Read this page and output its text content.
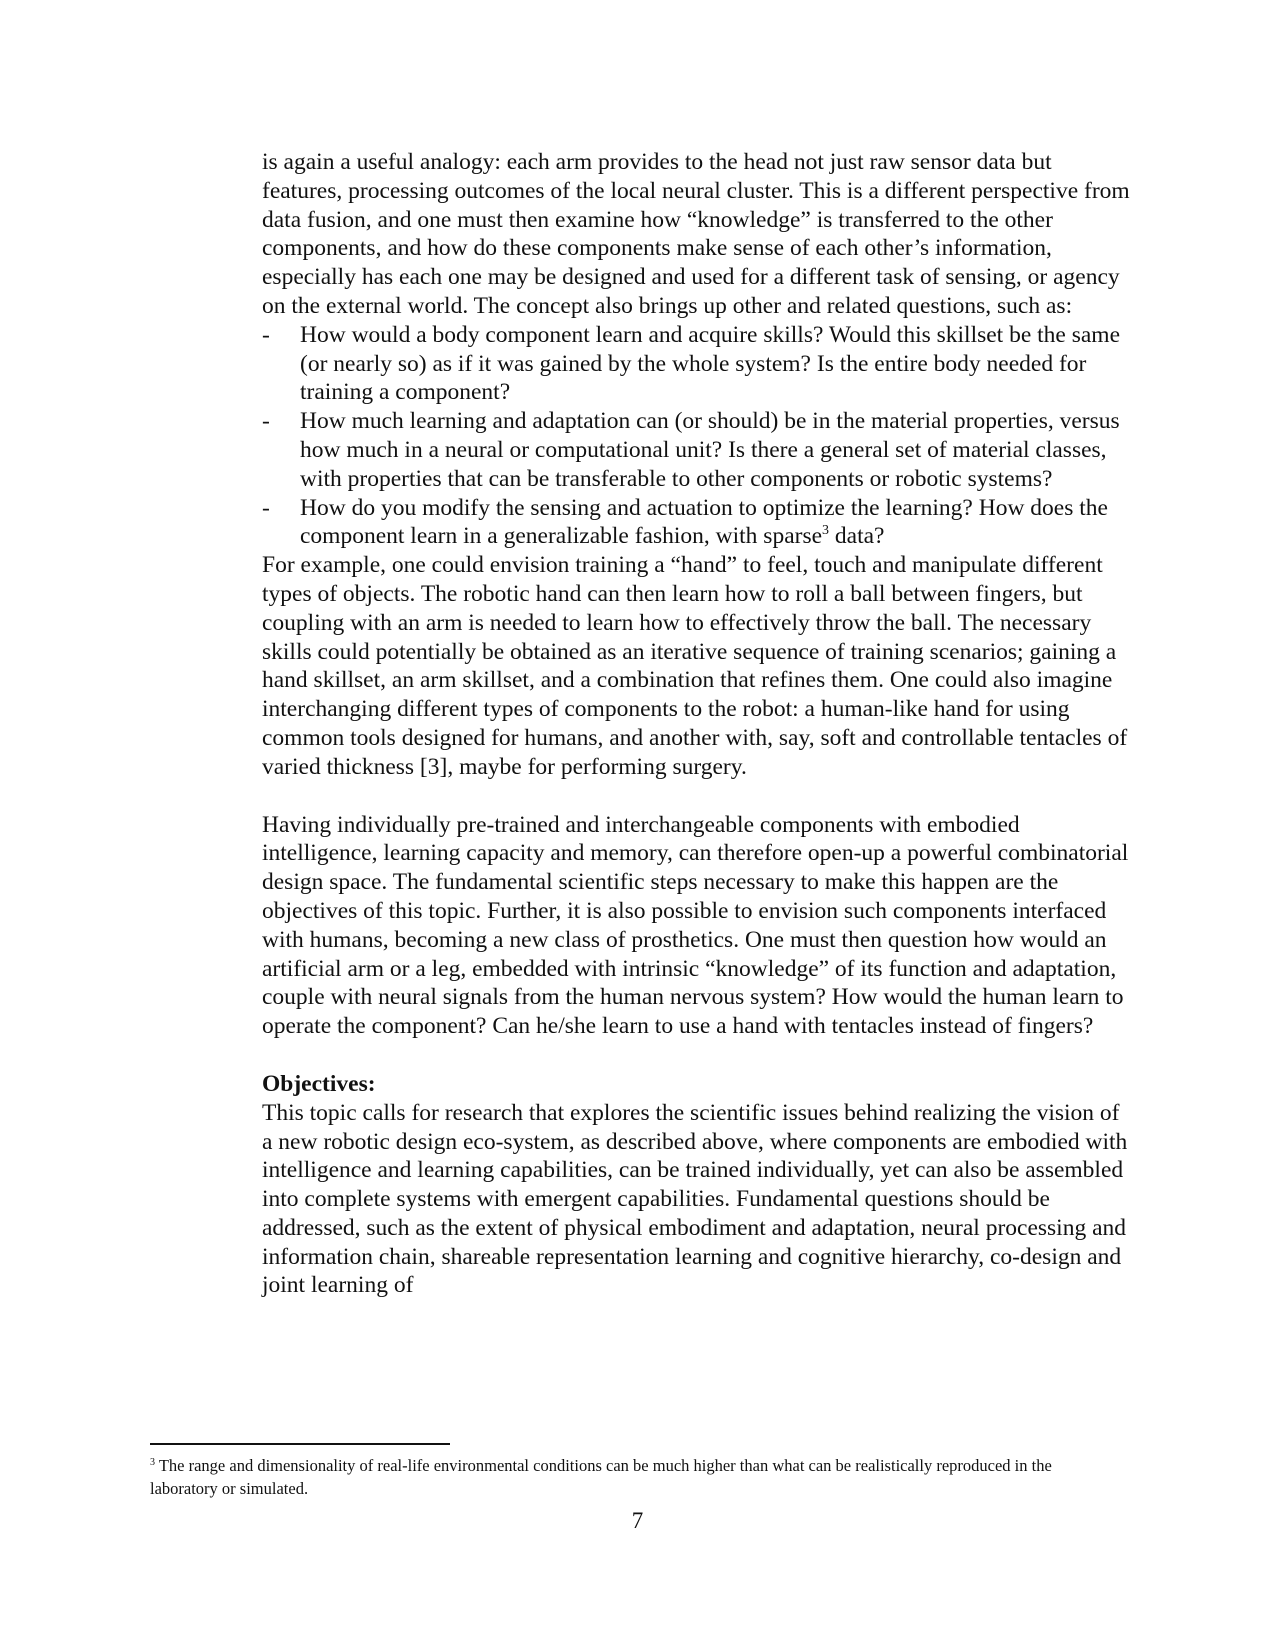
is again a useful analogy: each arm provides to the head not just raw sensor data but features, processing outcomes of the local neural cluster. This is a different perspective from data fusion, and one must then examine how “knowledge” is transferred to the other components, and how do these components make sense of each other’s information, especially has each one may be designed and used for a different task of sensing, or agency on the external world. The concept also brings up other and related questions, such as:

- How would a body component learn and acquire skills? Would this skillset be the same (or nearly so) as if it was gained by the whole system? Is the entire body needed for training a component?
- How much learning and adaptation can (or should) be in the material properties, versus how much in a neural or computational unit? Is there a general set of material classes, with properties that can be transferable to other components or robotic systems?
- How do you modify the sensing and actuation to optimize the learning? How does the component learn in a generalizable fashion, with sparse$^3$ data?

For example, one could envision training a “hand” to feel, touch and manipulate different types of objects. The robotic hand can then learn how to roll a ball between fingers, but coupling with an arm is needed to learn how to effectively throw the ball. The necessary skills could potentially be obtained as an iterative sequence of training scenarios; gaining a hand skillset, an arm skillset, and a combination that refines them. One could also imagine interchanging different types of components to the robot: a human-like hand for using common tools designed for humans, and another with, say, soft and controllable tentacles of varied thickness [3], maybe for performing surgery.

Having individually pre-trained and interchangeable components with embodied intelligence, learning capacity and memory, can therefore open-up a powerful combinatorial design space. The fundamental scientific steps necessary to make this happen are the objectives of this topic. Further, it is also possible to envision such components interfaced with humans, becoming a new class of prosthetics. One must then question how would an artificial arm or a leg, embedded with intrinsic “knowledge” of its function and adaptation, couple with neural signals from the human nervous system? How would the human learn to operate the component? Can he/she learn to use a hand with tentacles instead of fingers?

Objectives:

This topic calls for research that explores the scientific issues behind realizing the vision of a new robotic design eco-system, as described above, where components are embodied with intelligence and learning capabilities, can be trained individually, yet can also be assembled into complete systems with emergent capabilities. Fundamental questions should be addressed, such as the extent of physical embodiment and adaptation, neural processing and information chain, shareable representation learning and cognitive hierarchy, co-design and joint learning of

$^3$ The range and dimensionality of real-life environmental conditions can be much higher than what can be realistically reproduced in the laboratory or simulated.
7
